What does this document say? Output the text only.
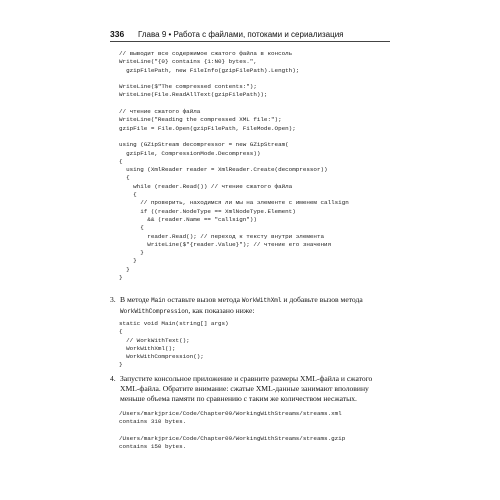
336 Глава 9 • Работа с файлами, потоками и сериализация
// выводит все содержимое сжатого файла в консоль
WriteLine("{0} contains {1:N0} bytes.",
gzipFilePath, new FileInfo(gzipFilePath).Length);
WriteLine($"The compressed contents:");
WriteLine(File.ReadAllText(gzipFilePath));
// чтение сжатого файла
WriteLine("Reading the compressed XML file:");
gzipFile = File.Open(gzipFilePath, FileMode.Open);
using (GZipStream decompressor = new GZipStream(
gzipFile, CompressionMode.Decompress))
{
using (XmlReader reader = XmlReader.Create(decompressor))
{
while (reader.Read()) // чтение сжатого файла
{
// проверить, находимся ли мы на элементе с именем callsign
if ((reader.NodeType == XmlNodeType.Element)
&& (reader.Name == "callsign"))
{
reader.Read(); // переход к тексту внутри элемента
WriteLine($"{reader.Value}"); // чтение его значения
}
}
}
}
3. В методе Main оставьте вызов метода WorkWithXml и добавьте вызов метода WorkWithCompression, как показано ниже:
static void Main(string[] args)
{
// WorkWithText();
WorkWithXml();
WorkWithCompression();
}
4. Запустите консольное приложение и сравните размеры XML-файла и сжатого XML-файла. Обратите внимание: сжатые XML-данные занимают вполовину меньше объема памяти по сравнению с таким же количеством несжатых.
/Users/markjprice/Code/Chapter09/WorkingWithStreams/streams.xml
contains 310 bytes.
/Users/markjprice/Code/Chapter09/WorkingWithStreams/streams.gzip
contains 150 bytes.
